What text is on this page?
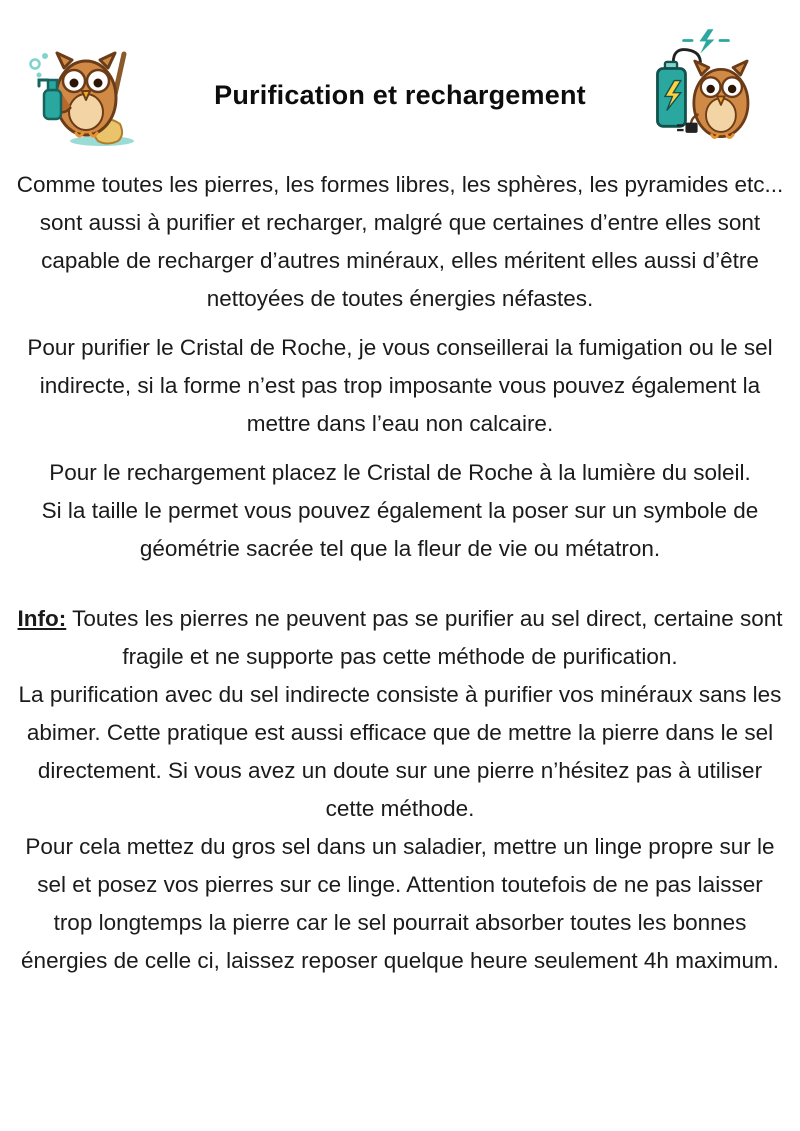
Purification et rechargement

Comme toutes les pierres, les formes libres, les sphères, les pyramides etc... sont aussi à purifier et recharger, malgré que certaines d’entre elles sont capable de recharger d’autres minéraux, elles méritent elles aussi d’être nettoyées de toutes énergies néfastes.

Pour purifier le Cristal de Roche, je vous conseillerai la fumigation ou le sel indirecte, si la forme n’est pas trop imposante vous pouvez également la mettre dans l’eau non calcaire.

Pour le rechargement placez le Cristal de Roche à la lumière du soleil.
Si la taille le permet vous pouvez également la poser sur un symbole de géométrie sacrée tel que la fleur de vie ou métatron.

Info: Toutes les pierres ne peuvent pas se purifier au sel direct, certaine sont fragile et ne supporte pas cette méthode de purification.
La purification avec du sel indirecte consiste à purifier vos minéraux sans les abimer. Cette pratique est aussi efficace que de mettre la pierre dans le sel directement. Si vous avez un doute sur une pierre n’hésitez pas à utiliser cette méthode.
Pour cela mettez du gros sel dans un saladier, mettre un linge propre sur le sel et posez vos pierres sur ce linge. Attention toutefois de ne pas laisser trop longtemps la pierre car le sel pourrait absorber toutes les bonnes énergies de celle ci, laissez reposer quelque heure seulement 4h maximum.
